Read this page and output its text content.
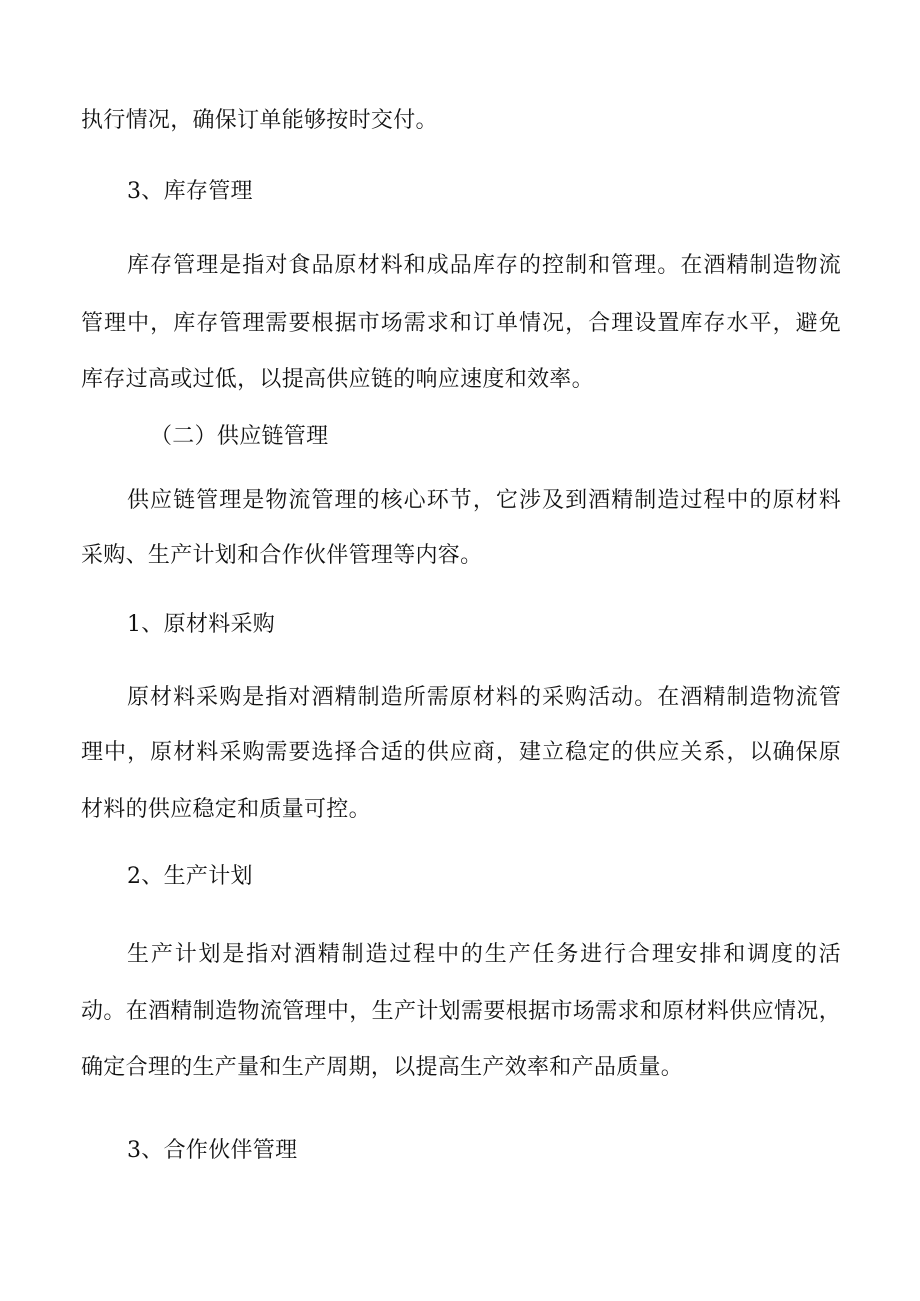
执行情况，确保订单能够按时交付。
3、库存管理
库存管理是指对食品原材料和成品库存的控制和管理。在酒精制造物流
管理中，库存管理需要根据市场需求和订单情况，合理设置库存水平，避免
库存过高或过低，以提高供应链的响应速度和效率。
（二）供应链管理
供应链管理是物流管理的核心环节，它涉及到酒精制造过程中的原材料
采购、生产计划和合作伙伴管理等内容。
1、原材料采购
原材料采购是指对酒精制造所需原材料的采购活动。在酒精制造物流管
理中，原材料采购需要选择合适的供应商，建立稳定的供应关系，以确保原
材料的供应稳定和质量可控。
2、生产计划
生产计划是指对酒精制造过程中的生产任务进行合理安排和调度的活
动。在酒精制造物流管理中，生产计划需要根据市场需求和原材料供应情况，
确定合理的生产量和生产周期，以提高生产效率和产品质量。
3、合作伙伴管理
